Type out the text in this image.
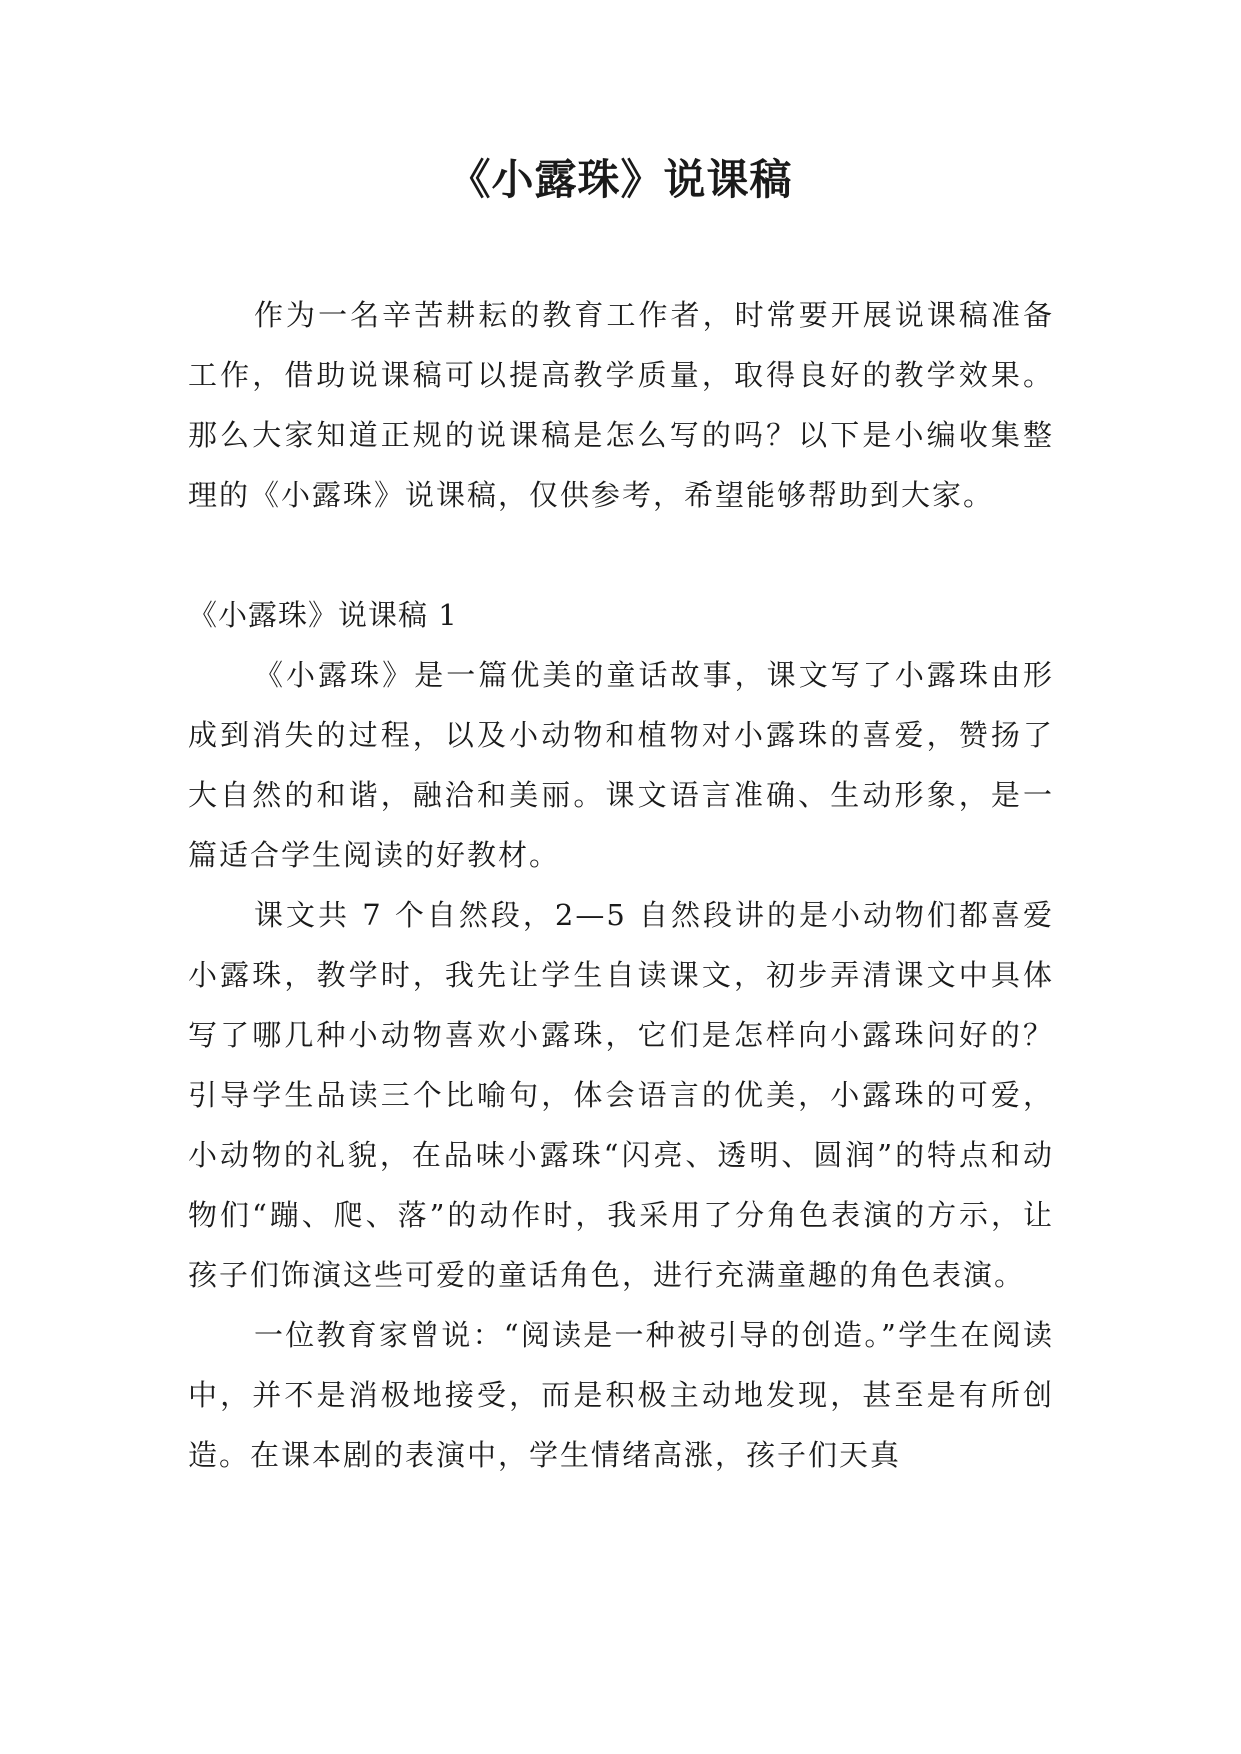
《小露珠》说课稿

作为一名辛苦耕耘的教育工作者，时常要开展说课稿准备工作，借助说课稿可以提高教学质量，取得良好的教学效果。那么大家知道正规的说课稿是怎么写的吗？以下是小编收集整理的《小露珠》说课稿，仅供参考，希望能够帮助到大家。

《小露珠》说课稿 1

《小露珠》是一篇优美的童话故事，课文写了小露珠由形成到消失的过程，以及小动物和植物对小露珠的喜爱，赞扬了大自然的和谐，融洽和美丽。课文语言准确、生动形象，是一篇适合学生阅读的好教材。

课文共 7 个自然段，2—5 自然段讲的是小动物们都喜爱小露珠，教学时，我先让学生自读课文，初步弄清课文中具体写了哪几种小动物喜欢小露珠，它们是怎样向小露珠问好的？引导学生品读三个比喻句，体会语言的优美，小露珠的可爱，小动物的礼貌，在品味小露珠“闪亮、透明、圆润”的特点和动物们“蹦、爬、落”的动作时，我采用了分角色表演的方示，让孩子们饰演这些可爱的童话角色，进行充满童趣的角色表演。

一位教育家曾说：“阅读是一种被引导的创造。”学生在阅读中，并不是消极地接受，而是积极主动地发现，甚至是有所创造。在课本剧的表演中，学生情绪高涨，孩子们天真
